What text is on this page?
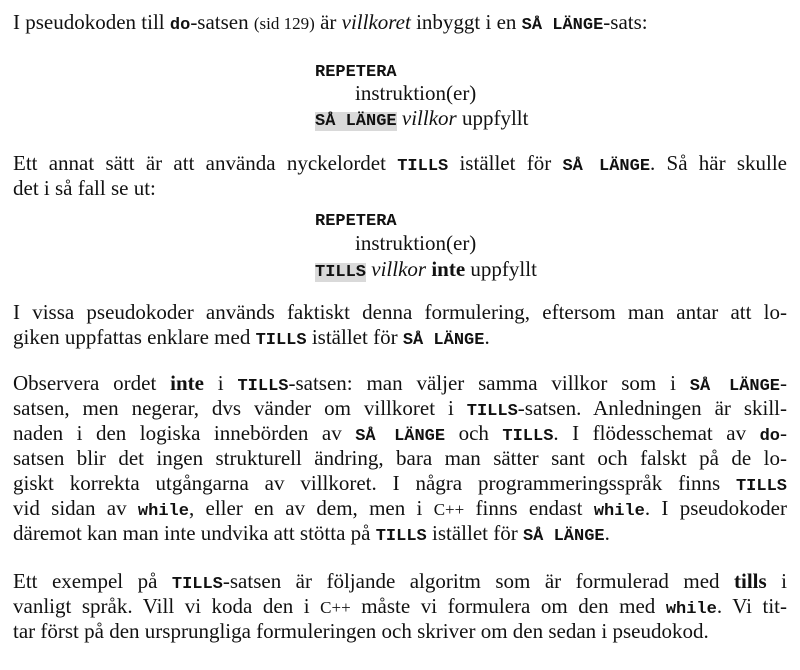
I pseudokoden till do-satsen (sid 129) är villkoret inbyggt i en SÅ LÄNGE-sats:
REPETERA
instruktion(er)
SÅ LÄNGE villkor uppfyllt
Ett annat sätt är att använda nyckelordet TILLS istället för SÅ LÄNGE. Så här skulle
det i så fall se ut:
REPETERA
instruktion(er)
TILLS villkor inte uppfyllt
I vissa pseudokoder används faktiskt denna formulering, eftersom man antar att lo-
giken uppfattas enklare med TILLS istället för SÅ LÄNGE.
Observera ordet inte i TILLS-satsen: man väljer samma villkor som i SÅ LÄNGE-
satsen, men negerar, dvs vänder om villkoret i TILLS-satsen. Anledningen är skill-
naden i den logiska innebörden av SÅ LÄNGE och TILLS. I flödesschemat av do-
satsen blir det ingen strukturell ändring, bara man sätter sant och falskt på de lo-
giskt korrekta utgångarna av villkoret. I några programmeringsspråk finns TILLS
vid sidan av while, eller en av dem, men i C++ finns endast while. I pseudokoder
däremot kan man inte undvika att stötta på TILLS istället för SÅ LÄNGE.
Ett exempel på TILLS-satsen är följande algoritm som är formulerad med tills i
vanligt språk. Vill vi koda den i C++ måste vi formulera om den med while. Vi tit-
tar först på den ursprungliga formuleringen och skriver om den sedan i pseudokod.
